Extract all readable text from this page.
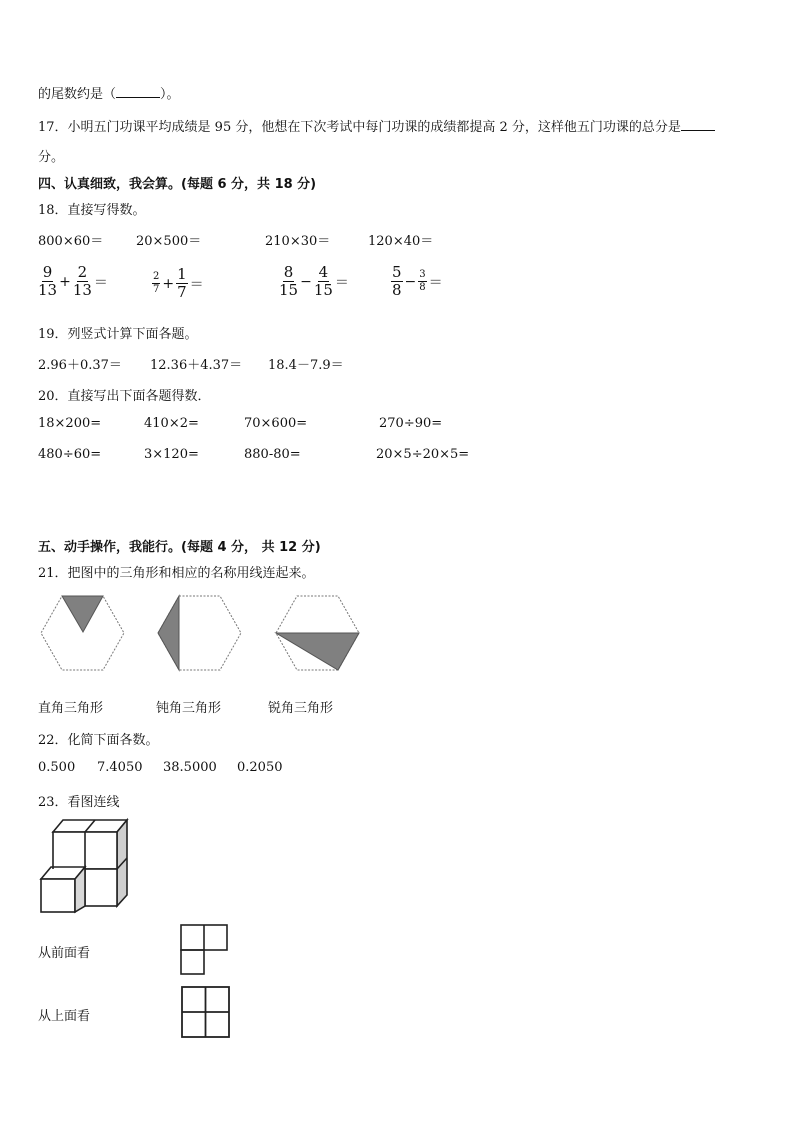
的尾数约是（	）。
17．小明五门功课平均成绩是 95 分，他想在下次考试中每门功课的成绩都提高 2 分，这样他五门功课的总分是
分。
四、认真细致，我会算。(每题 6 分，共 18 分)
18．直接写得数。
800×60＝	20×500＝	210×30＝	120×40＝
$\frac{9}{13} + \frac{2}{13}$ ＝	$\frac{2}{7} + \frac{1}{7}$ ＝	$\frac{8}{15} - \frac{4}{15}$ ＝	$\frac{5}{8} - \frac{3}{8}$ ＝
19．列竖式计算下面各题。
2.96＋0.37＝ 12.36＋4.37＝ 18.4－7.9＝
20．直接写出下面各题得数．
18×200=	410×2=	70×600=	270÷90=
480÷60=	3×120=	880-80=	20×5÷20×5=
五、动手操作，我能行。(每题 4 分， 共 12 分)
21．把图中的三角形和相应的名称用线连起来。
直角三角形	钝角三角形	锐角三角形
22．化简下面各数。
0.500 7.4050 38.5000 0.2050
23．看图连线
从前面看
从上面看
